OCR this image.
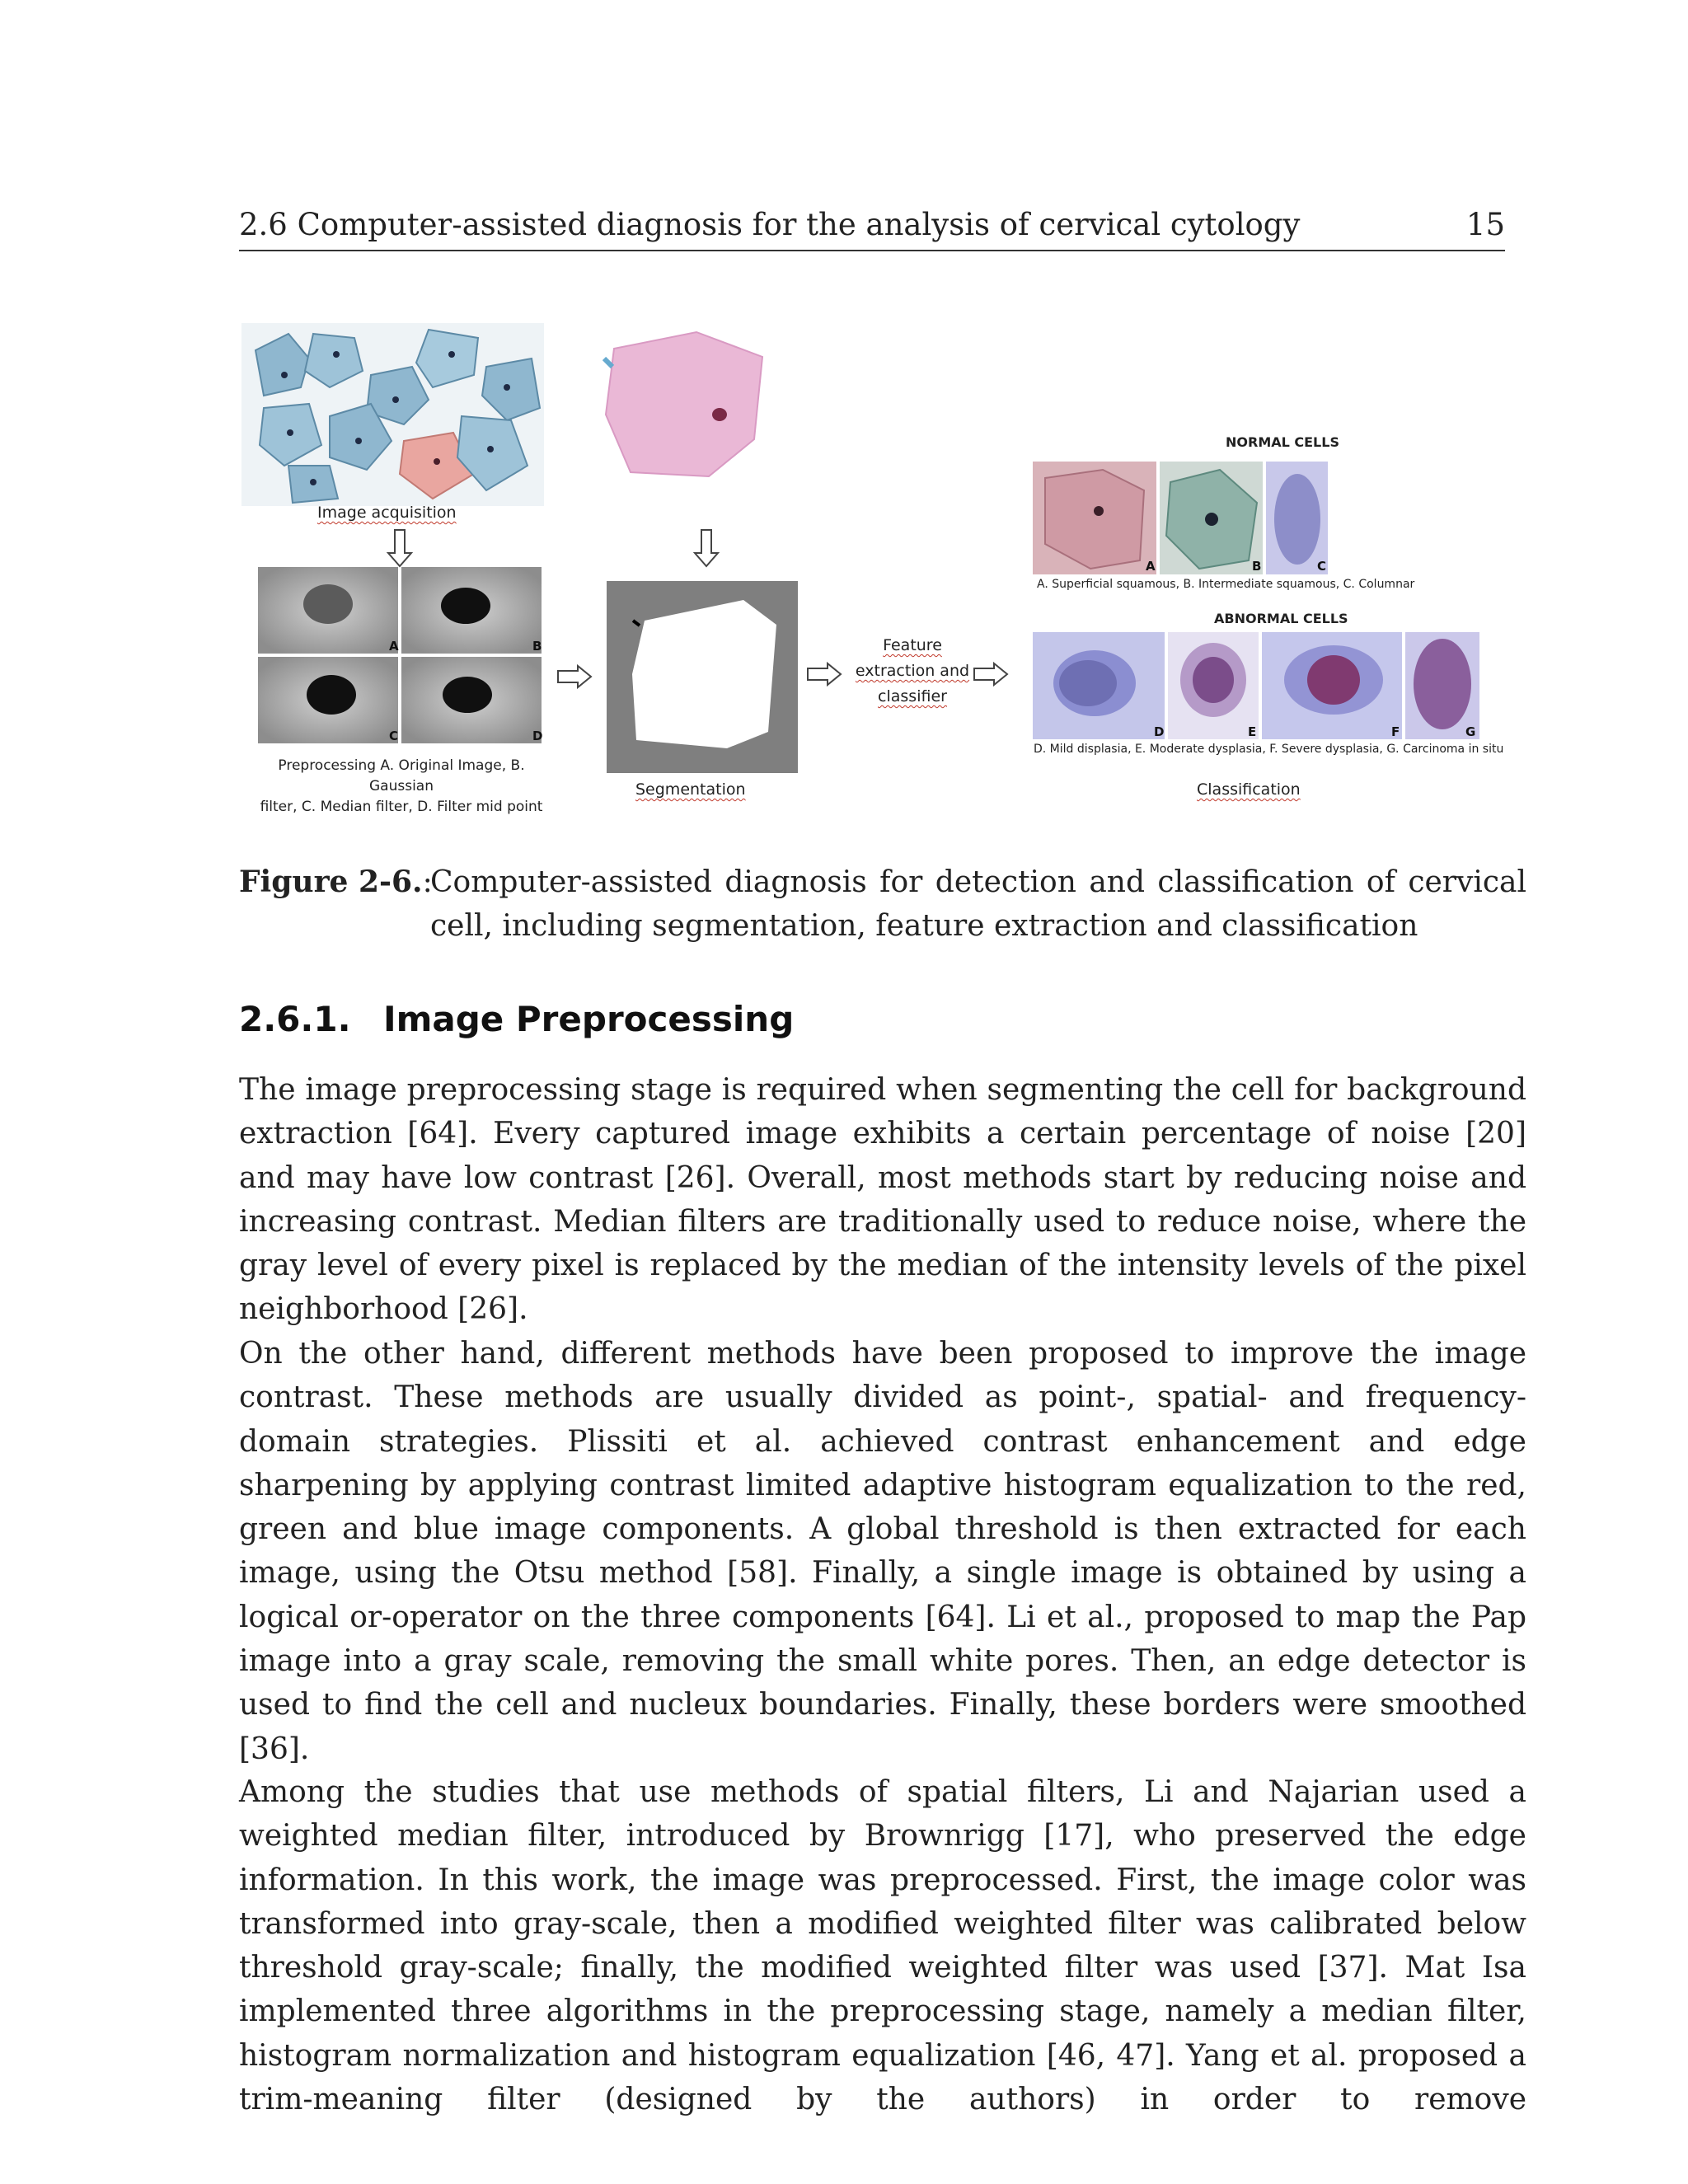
2.6 Computer-assisted diagnosis for the analysis of cervical cytology	15
A	B
C	D
A	B	C
D	E	F	G
Image acquisition
Preprocessing A. Original Image, B. Gaussian
filter, C. Median filter, D. Filter mid point
Segmentation
Feature
extraction and
classifier
NORMAL CELLS
A. Superficial squamous, B. Intermediate squamous, C. Columnar
ABNORMAL CELLS
D. Mild displasia, E. Moderate dysplasia, F. Severe dysplasia, G. Carcinoma in situ
Classification
Figure 2-6.:
Computer-assisted diagnosis for detection and classification of cervical cell, including segmentation, feature extraction and classification
2.6.1. Image Preprocessing

The image preprocessing stage is required when segmenting the cell for background extraction [64]. Every captured image exhibits a certain percentage of noise [20] and may have low contrast [26]. Overall, most methods start by reducing noise and increasing contrast. Median filters are traditionally used to reduce noise, where the gray level of every pixel is replaced by the median of the intensity levels of the pixel neighborhood [26].

On the other hand, different methods have been proposed to improve the image contrast. These methods are usually divided as point-, spatial- and frequency- domain strategies. Plissiti et al. achieved contrast enhancement and edge sharpening by applying contrast limited adaptive histogram equalization to the red, green and blue image components. A global threshold is then extracted for each image, using the Otsu method [58]. Finally, a single image is obtained by using a logical or-operator on the three components [64]. Li et al., proposed to map the Pap image into a gray scale, removing the small white pores. Then, an edge detector is used to find the cell and nucleux boundaries. Finally, these borders were smoothed [36].

Among the studies that use methods of spatial filters, Li and Najarian used a weighted median filter, introduced by Brownrigg [17], who preserved the edge information. In this work, the image was preprocessed. First, the image color was transformed into gray-scale, then a modified weighted filter was calibrated below threshold gray-scale; finally, the modified weighted filter was used [37]. Mat Isa implemented three algorithms in the preprocessing stage, namely a median filter, histogram normalization and histogram equalization [46, 47]. Yang et al. proposed a trim-meaning filter (designed by the authors) in order to remove
